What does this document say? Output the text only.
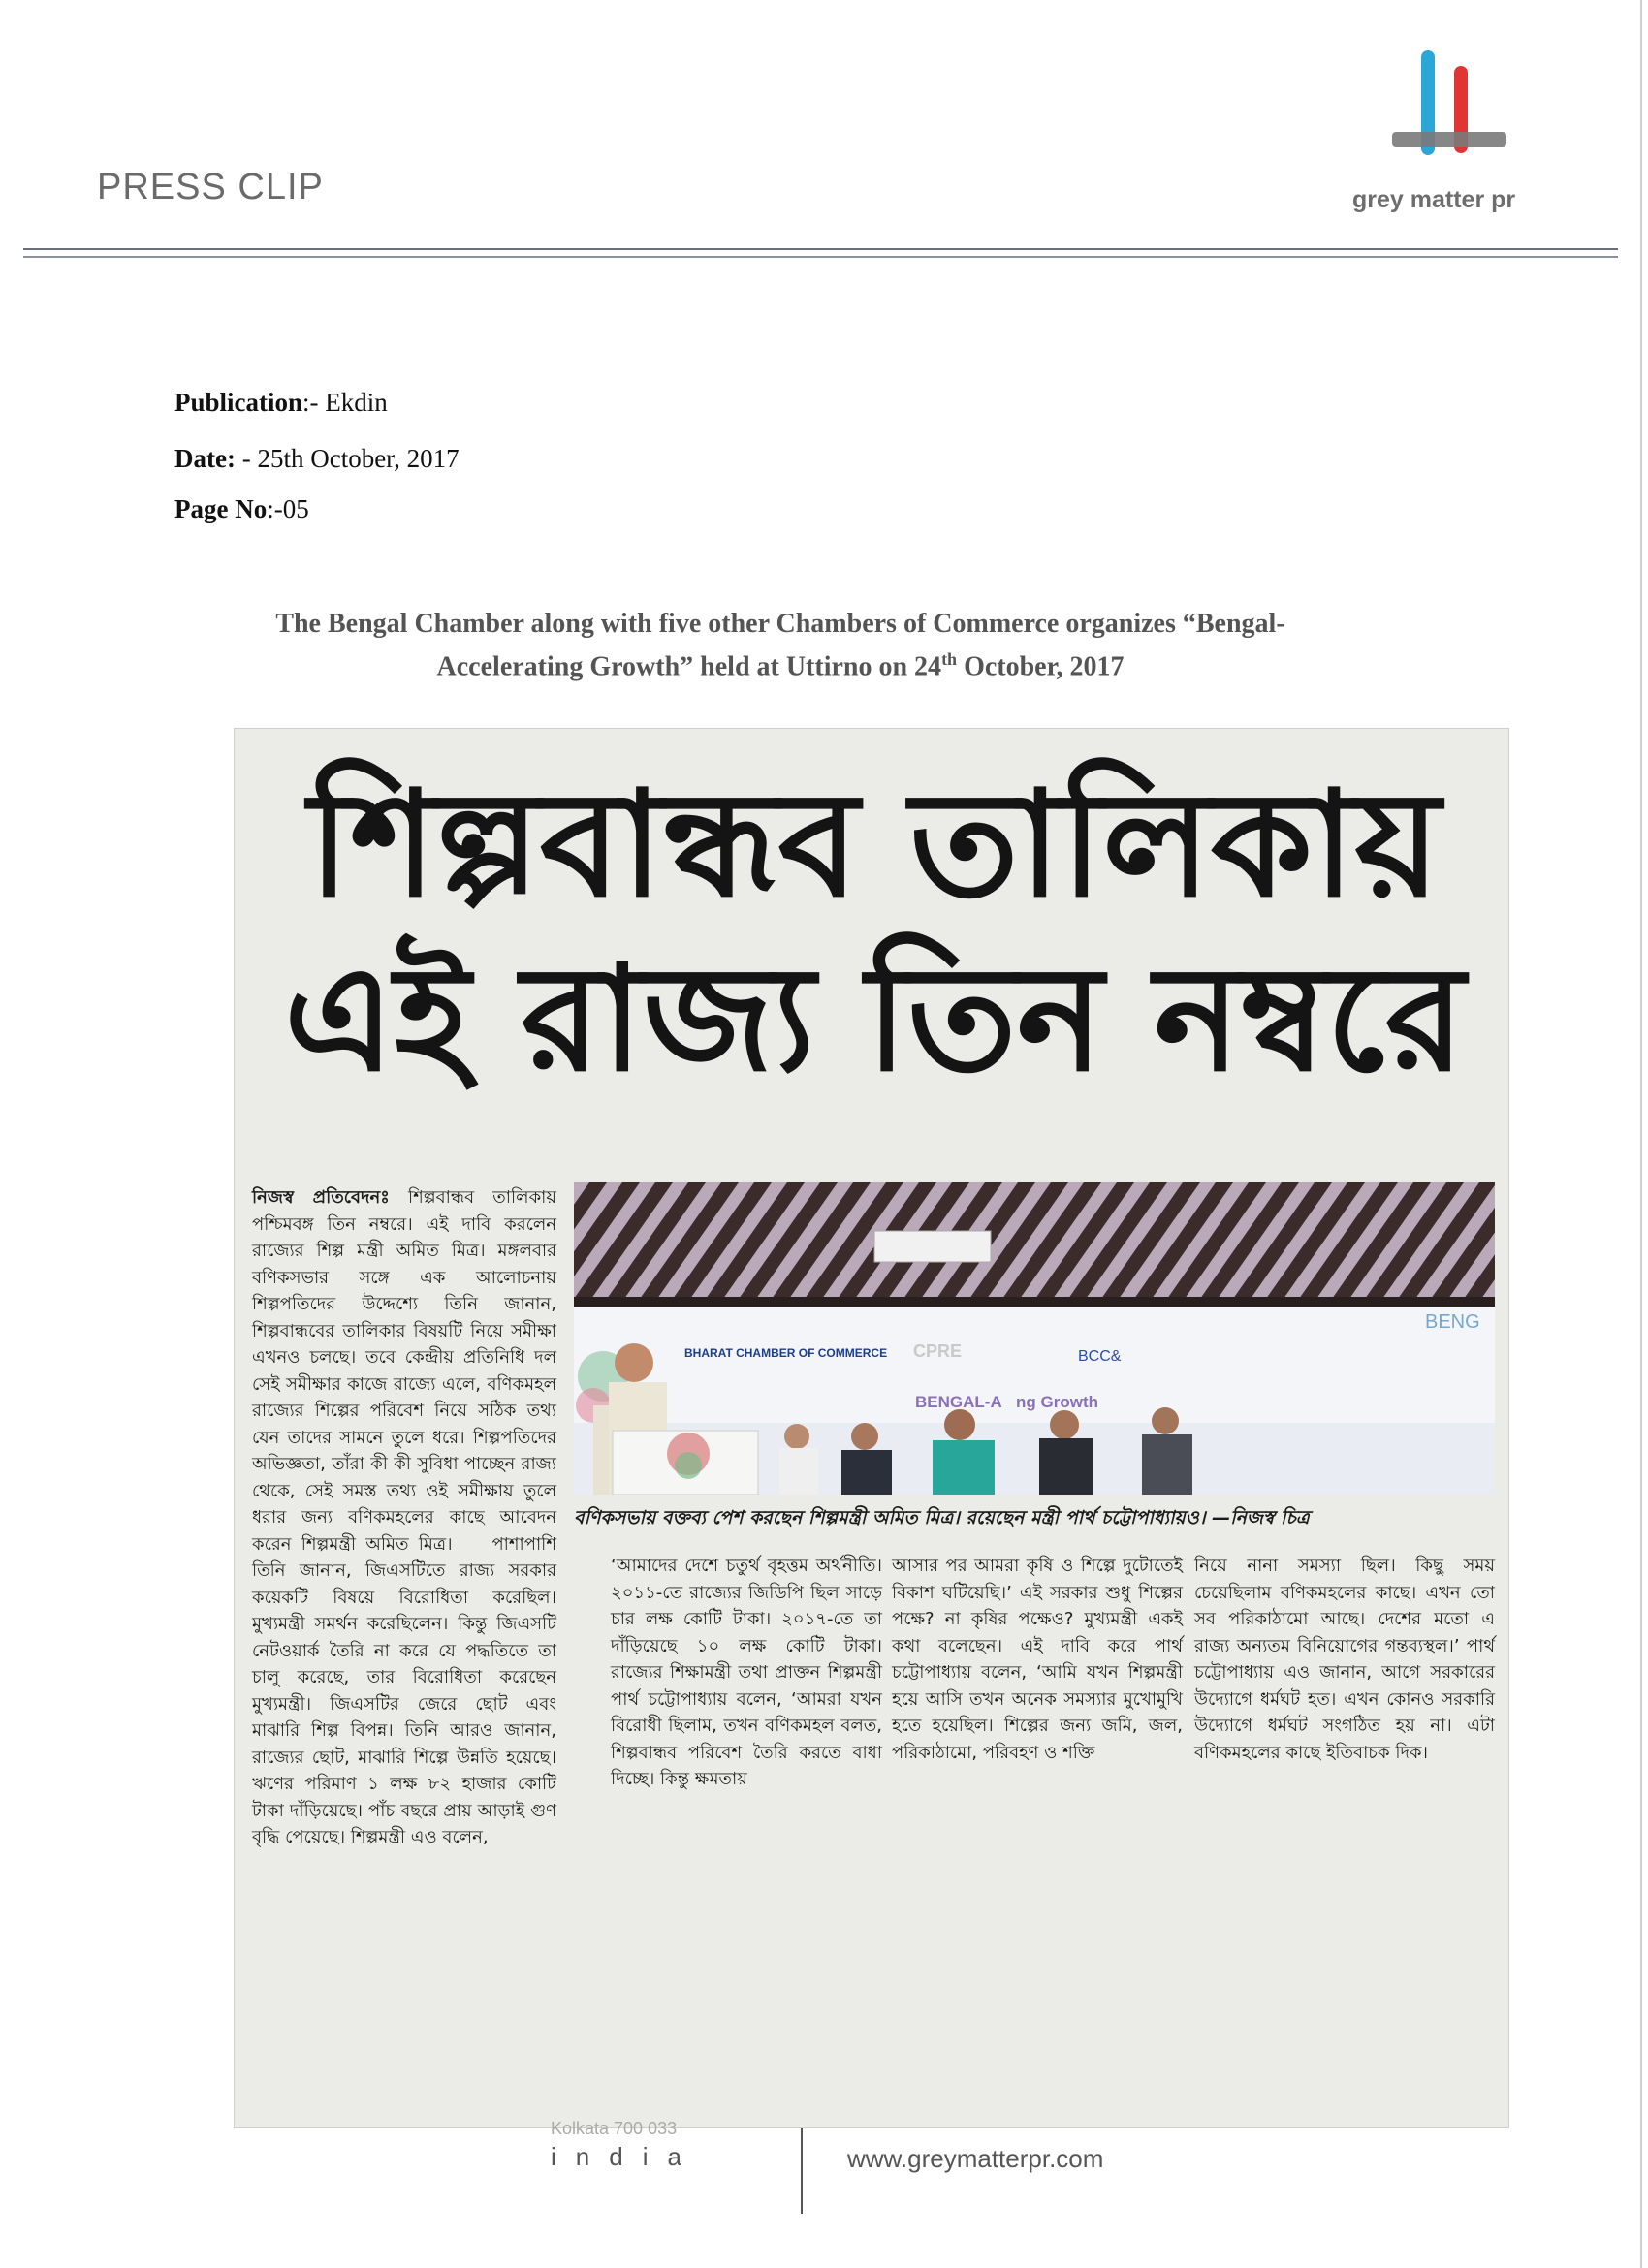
PRESS CLIP	grey matter pr
Publication:- Ekdin
Date: - 25th October, 2017
Page No:-05
The Bengal Chamber along with five other Chambers of Commerce organizes “Bengal-
Accelerating Growth” held at Uttirno on 24th October, 2017
শিল্পবান্ধব তালিকায়
এই রাজ্য তিন নম্বরে
নিজস্ব প্রতিবেদনঃ শিল্পবান্ধব তালিকায় পশ্চিমবঙ্গ তিন নম্বরে। এই দাবি করলেন রাজ্যের শিল্প মন্ত্রী অমিত মিত্র। মঙ্গলবার বণিকসভার সঙ্গে এক আলোচনায় শিল্পপতিদের উদ্দেশ্যে তিনি জানান, শিল্পবান্ধবের তালিকার বিষয়টি নিয়ে সমীক্ষা এখনও চলছে। তবে কেন্দ্রীয় প্রতিনিধি দল সেই সমীক্ষার কাজে রাজ্যে এলে, বণিকমহল রাজ্যের শিল্পের পরিবেশ নিয়ে সঠিক তথ্য যেন তাদের সামনে তুলে ধরে। শিল্পপতিদের অভিজ্ঞতা, তাঁরা কী কী সুবিধা পাচ্ছেন রাজ্য থেকে, সেই সমস্ত তথ্য ওই সমীক্ষায় তুলে ধরার জন্য বণিকমহলের কাছে আবেদন করেন শিল্পমন্ত্রী অমিত মিত্র।    পাশাপাশি তিনি জানান, জিএসটিতে রাজ্য সরকার কয়েকটি বিষয়ে বিরোধিতা করেছিল। মুখ্যমন্ত্রী সমর্থন করেছিলেন। কিন্তু জিএসটি নেটওয়ার্ক তৈরি না করে যে পদ্ধতিতে তা চালু করেছে, তার বিরোধিতা করেছেন মুখ্যমন্ত্রী। জিএসটির জেরে ছোট এবং মাঝারি শিল্প বিপন্ন। তিনি আরও জানান, রাজ্যের ছোট, মাঝারি শিল্পে উন্নতি হয়েছে। ঋণের পরিমাণ ১ লক্ষ ৮২ হাজার কোটি টাকা দাঁড়িয়েছে। পাঁচ বছরে প্রায় আড়াই গুণ বৃদ্ধি পেয়েছে। শিল্পমন্ত্রী এও বলেন,
BHARAT CHAMBER OF COMMERCE CPRE	BCC&
BENGAL-A ng Growth
BENG
বণিকসভায় বক্তব্য পেশ করছেন শিল্পমন্ত্রী অমিত মিত্র। রয়েছেন মন্ত্রী পার্থ চট্টোপাধ্যায়ও। —নিজস্ব চিত্র
‘আমাদের দেশে চতুর্থ বৃহত্তম অর্থনীতি। ২০১১-তে রাজ্যের জিডিপি ছিল সাড়ে চার লক্ষ কোটি টাকা। ২০১৭-তে তা দাঁড়িয়েছে ১০ লক্ষ কোটি টাকা। রাজ্যের শিক্ষামন্ত্রী তথা প্রাক্তন শিল্পমন্ত্রী পার্থ চট্টোপাধ্যায় বলেন, ‘আমরা যখন বিরোধী ছিলাম, তখন বণিকমহল বলত, শিল্পবান্ধব পরিবেশ তৈরি করতে বাধা দিচ্ছে। কিন্তু ক্ষমতায়
আসার পর আমরা কৃষি ও শিল্পে দুটোতেই বিকাশ ঘটিয়েছি।’ এই সরকার শুধু শিল্পের পক্ষে? না কৃষির পক্ষেও? মুখ্যমন্ত্রী একই কথা বলেছেন। এই দাবি করে পার্থ চট্টোপাধ্যায় বলেন, ‘আমি যখন শিল্পমন্ত্রী হয়ে আসি তখন অনেক সমস্যার মুখোমুখি হতে হয়েছিল। শিল্পের জন্য জমি, জল, পরিকাঠামো, পরিবহণ ও শক্তি
নিয়ে নানা সমস্যা ছিল। কিছু সময় চেয়েছিলাম বণিকমহলের কাছে। এখন তো সব পরিকাঠামো আছে। দেশের মতো এ রাজ্য অন্যতম বিনিয়োগের গন্তব্যস্থল।’ পার্থ চট্টোপাধ্যায় এও জানান, আগে সরকারের উদ্যোগে ধর্মঘট হত। এখন কোনও সরকারি উদ্যোগে ধর্মঘট সংগঠিত হয় না। এটা বণিকমহলের কাছে ইতিবাচক দিক।
Kolkata 700 033
india	www.greymatterpr.com
